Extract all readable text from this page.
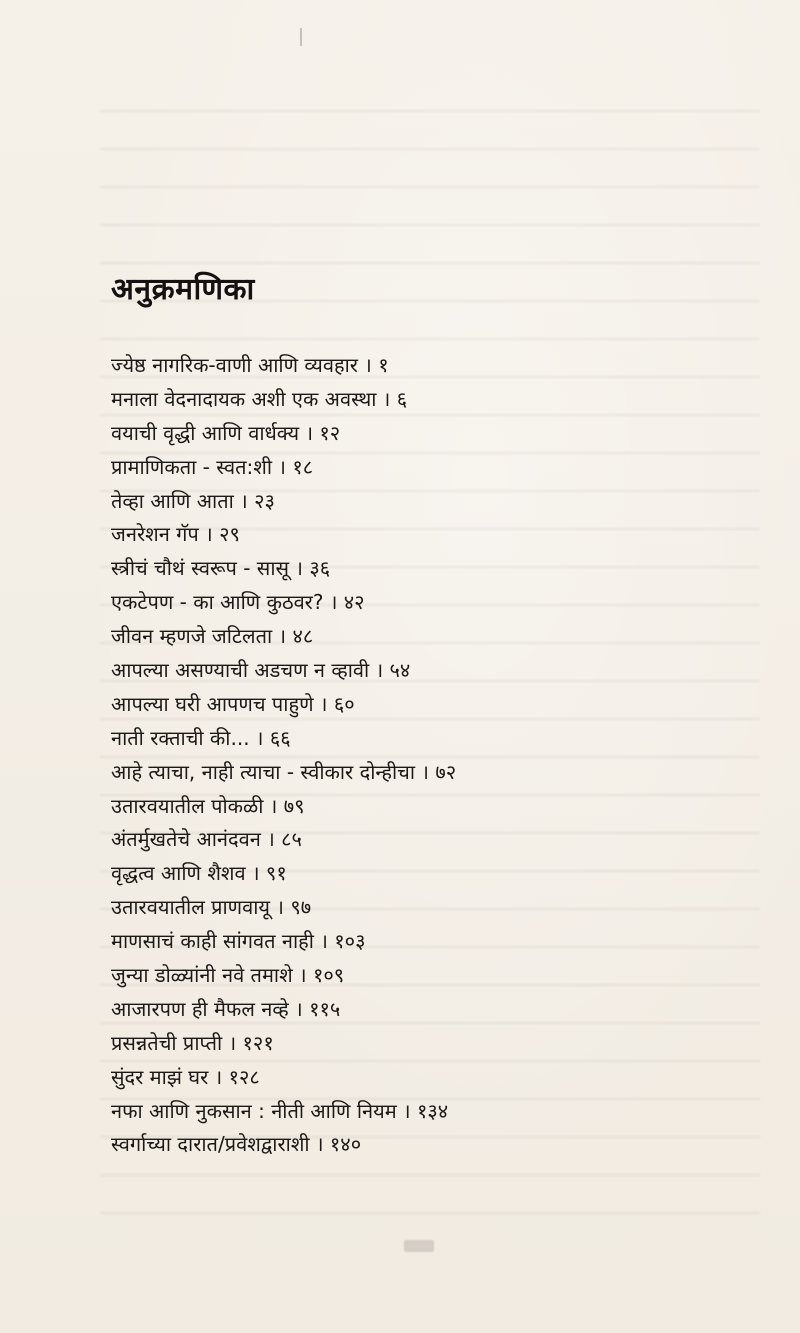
अनुक्रमणिका
ज्येष्ठ नागरिक-वाणी आणि व्यवहार । १
मनाला वेदनादायक अशी एक अवस्था । ६
वयाची वृद्धी आणि वार्धक्य । १२
प्रामाणिकता - स्वत:शी । १८
तेव्हा आणि आता । २३
जनरेशन गॅप । २९
स्त्रीचं चौथं स्वरूप - सासू । ३६
एकटेपण - का आणि कुठवर? । ४२
जीवन म्हणजे जटिलता । ४८
आपल्या असण्याची अडचण न व्हावी । ५४
आपल्या घरी आपणच पाहुणे । ६०
नाती रक्ताची की... । ६६
आहे त्याचा, नाही त्याचा - स्वीकार दोन्हीचा । ७२
उतारवयातील पोकळी । ७९
अंतर्मुखतेचे आनंदवन । ८५
वृद्धत्व आणि शैशव । ९१
उतारवयातील प्राणवायू । ९७
माणसाचं काही सांगवत नाही । १०३
जुन्या डोळ्यांनी नवे तमाशे । १०९
आजारपण ही मैफल नव्हे । ११५
प्रसन्नतेची प्राप्ती । १२१
सुंदर माझं घर । १२८
नफा आणि नुकसान : नीती आणि नियम । १३४
स्वर्गाच्या दारात/प्रवेशद्वाराशी । १४०
